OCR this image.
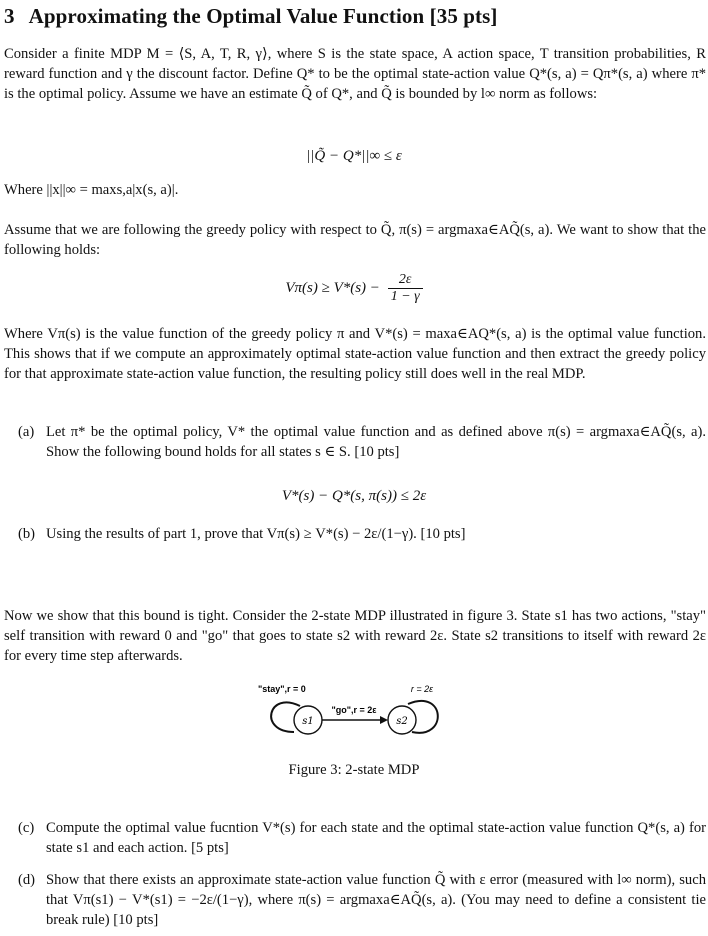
3 Approximating the Optimal Value Function [35 pts]

Consider a finite MDP M = ⟨S, A, T, R, γ⟩, where S is the state space, A action space, T transition probabilities, R reward function and γ the discount factor. Define Q* to be the optimal state-action value Q*(s, a) = Qπ*(s, a) where π* is the optimal policy. Assume we have an estimate Q̃ of Q*, and Q̃ is bounded by l∞ norm as follows:

||Q̃ − Q*||∞ ≤ ε

Where ||x||∞ = maxs,a|x(s, a)|.

Assume that we are following the greedy policy with respect to Q̃, π(s) = argmaxa∈AQ̃(s, a). We want to show that the following holds:

$V\pi(s) \ge V*(s) - \frac{2\varepsilon}{1 - \gamma}$

Where Vπ(s) is the value function of the greedy policy π and V*(s) = maxa∈AQ*(s, a) is the optimal value function. This shows that if we compute an approximately optimal state-action value function and then extract the greedy policy for that approximate state-action value function, the resulting policy still does well in the real MDP.

(a) Let π* be the optimal policy, V* the optimal value function and as defined above π(s) = argmaxa∈AQ̃(s, a). Show the following bound holds for all states s ∈ S. [10 pts]
V*(s) − Q*(s, π(s)) ≤ 2ε
(b) Using the results of part 1, prove that Vπ(s) ≥ V*(s) − 2ε/(1−γ). [10 pts]

Now we show that this bound is tight. Consider the 2-state MDP illustrated in figure 3. State s1 has two actions, "stay" self transition with reward 0 and "go" that goes to state s2 with reward 2ε. State s2 transitions to itself with reward 2ε for every time step afterwards.

"stay",r = 0	r = 2ε
s1	s2
"go",r = 2ε
Figure 3: 2-state MDP
(c) Compute the optimal value fucntion V*(s) for each state and the optimal state-action value function Q*(s, a) for state s1 and each action. [5 pts]
(d) Show that there exists an approximate state-action value function Q̃ with ε error (measured with l∞ norm), such that Vπ(s1) − V*(s1) = −2ε/(1−γ), where π(s) = argmaxa∈AQ̃(s, a). (You may need to define a consistent tie break rule) [10 pts]
